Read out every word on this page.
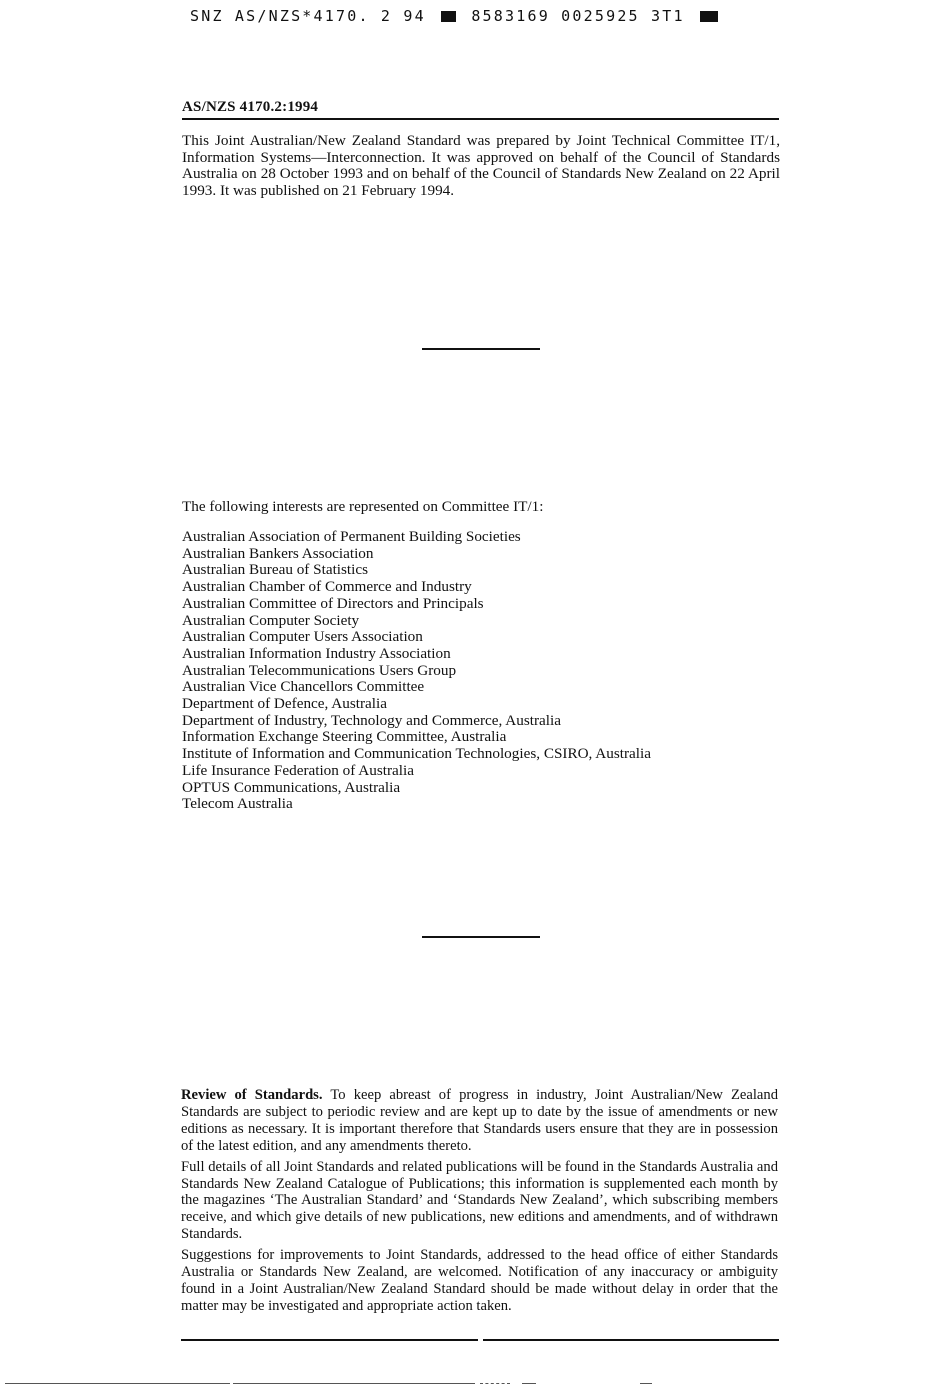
SNZ AS/NZS*4170. 2 94	8583169 0025925 3T1
AS/NZS 4170.2:1994

This Joint Australian/New Zealand Standard was prepared by Joint Technical Committee IT/1, Information Systems—Interconnection. It was approved on behalf of the Council of Standards Australia on 28 October 1993 and on behalf of the Council of Standards New Zealand on 22 April 1993. It was published on 21 February 1994.

The following interests are represented on Committee IT/1:

Australian Association of Permanent Building Societies
Australian Bankers Association
Australian Bureau of Statistics
Australian Chamber of Commerce and Industry
Australian Committee of Directors and Principals
Australian Computer Society
Australian Computer Users Association
Australian Information Industry Association
Australian Telecommunications Users Group
Australian Vice Chancellors Committee
Department of Defence, Australia
Department of Industry, Technology and Commerce, Australia
Information Exchange Steering Committee, Australia
Institute of Information and Communication Technologies, CSIRO, Australia
Life Insurance Federation of Australia
OPTUS Communications, Australia
Telecom Australia

Review of Standards. To keep abreast of progress in industry, Joint Australian/New Zealand Standards are subject to periodic review and are kept up to date by the issue of amendments or new editions as necessary. It is important therefore that Standards users ensure that they are in possession of the latest edition, and any amendments thereto.

Full details of all Joint Standards and related publications will be found in the Standards Australia and Standards New Zealand Catalogue of Publications; this information is supplemented each month by the magazines ‘The Australian Standard’ and ‘Standards New Zealand’, which subscribing members receive, and which give details of new publications, new editions and amendments, and of withdrawn Standards.

Suggestions for improvements to Joint Standards, addressed to the head office of either Standards Australia or Standards New Zealand, are welcomed. Notification of any inaccuracy or ambiguity found in a Joint Australian/New Zealand Standard should be made without delay in order that the matter may be investigated and appropriate action taken.
